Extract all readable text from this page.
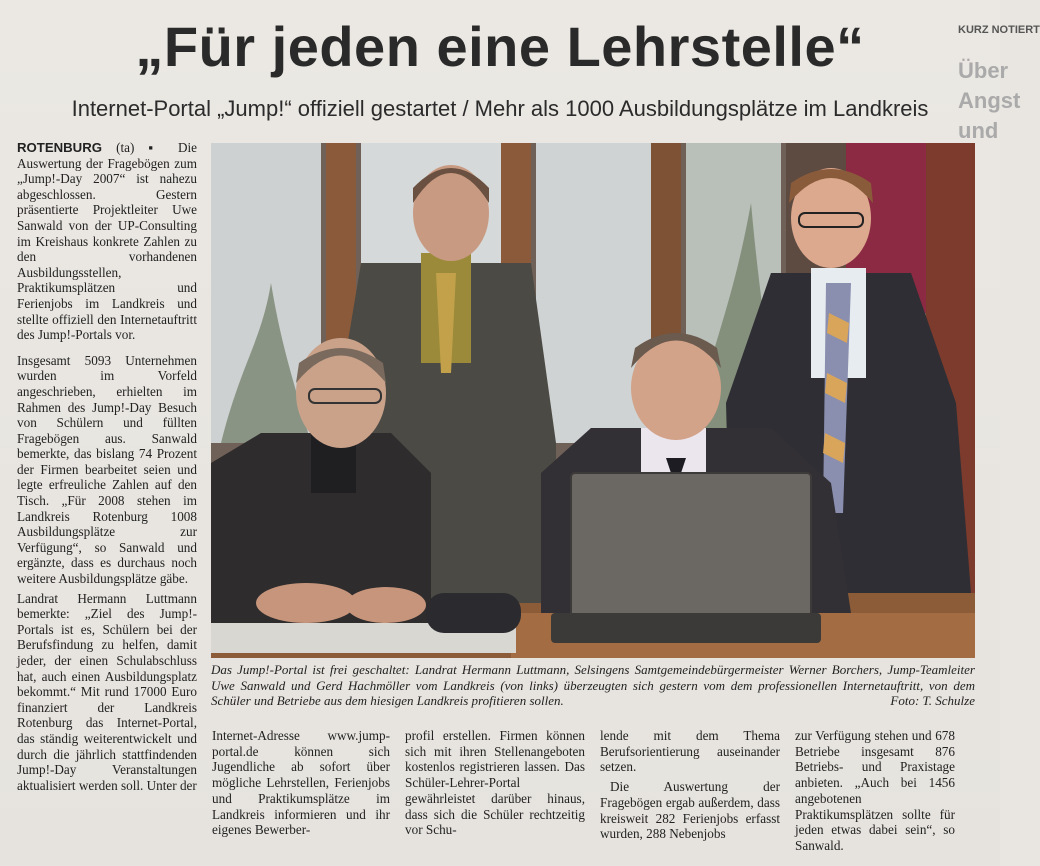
„Für jeden eine Lehrstelle“
Internet-Portal „Jump!“ offiziell gestartet / Mehr als 1000 Ausbildungsplätze im Landkreis

ROTENBURG (ta) ▪ Die Auswertung der Fragebögen zum „Jump!-Day 2007“ ist nahezu abgeschlossen. Gestern präsentierte Projektleiter Uwe Sanwald von der UP-Consulting im Kreishaus konkrete Zahlen zu den vorhandenen Ausbildungsstellen, Praktikumsplätzen und Ferienjobs im Landkreis und stellte offiziell den Internetauftritt des Jump!-Portals vor.

Insgesamt 5093 Unternehmen wurden im Vorfeld angeschrieben, erhielten im Rahmen des Jump!-Day Besuch von Schülern und füllten Fragebögen aus. Sanwald bemerkte, das bislang 74 Prozent der Firmen bearbeitet seien und legte erfreuliche Zahlen auf den Tisch. „Für 2008 stehen im Landkreis Rotenburg 1008 Ausbildungsplätze zur Verfügung“, so Sanwald und ergänzte, dass es durchaus noch weitere Ausbildungsplätze gäbe.

Landrat Hermann Luttmann bemerkte: „Ziel des Jump!-Portals ist es, Schülern bei der Berufsfindung zu helfen, damit jeder, der einen Schulabschluss hat, auch einen Ausbildungsplatz bekommt.“ Mit rund 17000 Euro finanziert der Landkreis Rotenburg das Internet-Portal, das ständig weiterentwickelt und durch die jährlich stattfindenden Jump!-Day Veranstaltungen aktualisiert werden soll. Unter der

Das Jump!-Portal ist frei geschaltet: Landrat Hermann Luttmann, Selsingens Samtgemeindebürgermeister Werner Borchers, Jump-Teamleiter Uwe Sanwald und Gerd Hachmöller vom Landkreis (von links) überzeugten sich gestern vom dem professionellen Internetauftritt, von dem Schüler und Betriebe aus dem hiesigen Landkreis profitieren sollen.	Foto: T. Schulze
Internet-Adresse www.jumpportal.de können sich Jugendliche ab sofort über mögliche Lehrstellen, Ferienjobs und Praktikumsplätze im Landkreis informieren und ihr eigenes Bewerber-
profil erstellen. Firmen können sich mit ihren Stellenangeboten kostenlos registrieren lassen. Das Schüler-Lehrer-Portal gewährleistet darüber hinaus, dass sich die Schüler rechtzeitig vor Schu-
lende mit dem Thema Berufsorientierung auseinander setzen.
Die Auswertung der Fragebögen ergab außerdem, dass kreisweit 282 Ferienjobs erfasst wurden, 288 Nebenjobs
zur Verfügung stehen und 678 Betriebe insgesamt 876 Betriebs- und Praxistage anbieten. „Auch bei 1456 angebotenen Praktikumsplätzen sollte für jeden etwas dabei sein“, so Sanwald.
KURZ NOTIERT
Über Angst und
